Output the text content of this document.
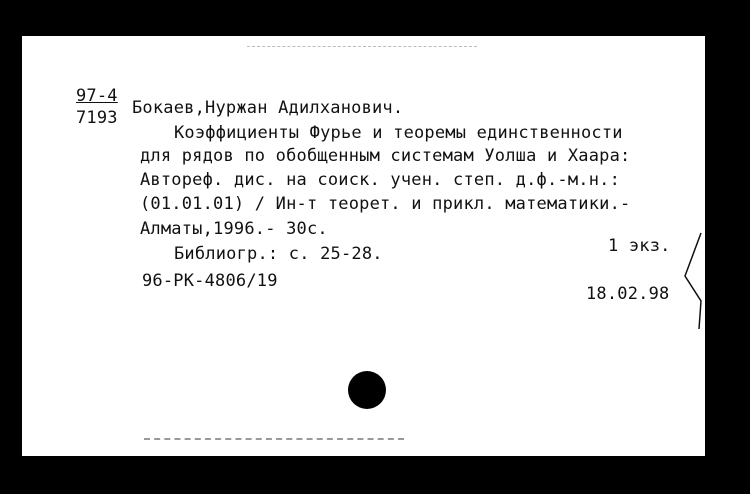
97-4
7193 Бокаев,Нуржан Адилханович.
Коэффициенты Фурье и теоремы единственности
для рядов по обобщенным системам Уолша и Хаара:
Автореф. дис. на соиск. учен. степ. д.ф.-м.н.:
(01.01.01) / Ин-т теорет. и прикл. математики.-
Алматы,1996.- 30с.
1 экз.
Библиогр.: с. 25-28.
96-РК-4806/19
18.02.98
